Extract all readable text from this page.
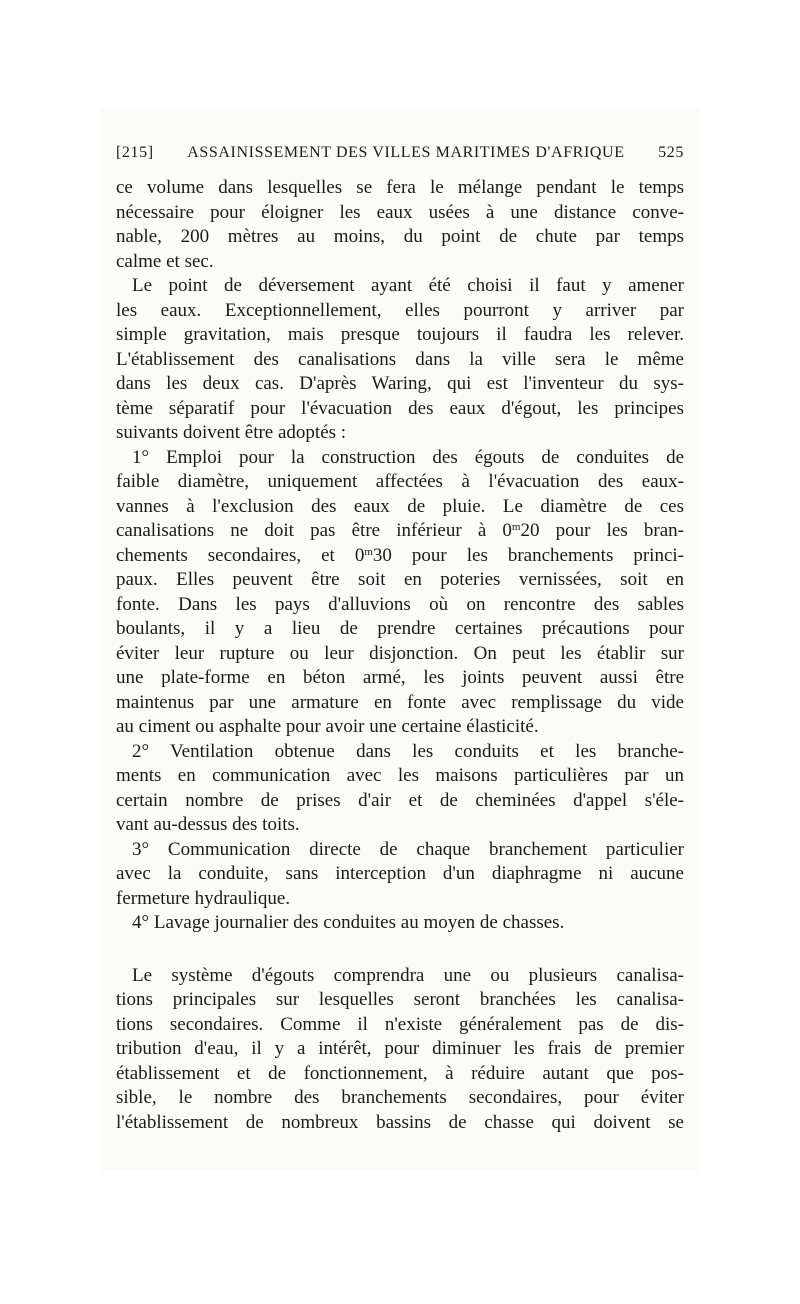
[215] ASSAINISSEMENT DES VILLES MARITIMES D'AFRIQUE 525
ce volume dans lesquelles se fera le mélange pendant le temps
nécessaire pour éloigner les eaux usées à une distance conve-
nable, 200 mètres au moins, du point de chute par temps
calme et sec.
Le point de déversement ayant été choisi il faut y amener
les eaux. Exceptionnellement, elles pourront y arriver par
simple gravitation, mais presque toujours il faudra les relever.
L'établissement des canalisations dans la ville sera le même
dans les deux cas. D'après Waring, qui est l'inventeur du sys-
tème séparatif pour l'évacuation des eaux d'égout, les principes
suivants doivent être adoptés :
1° Emploi pour la construction des égouts de conduites de
faible diamètre, uniquement affectées à l'évacuation des eaux-
vannes à l'exclusion des eaux de pluie. Le diamètre de ces
canalisations ne doit pas être inférieur à 0$^m$20 pour les bran-
chements secondaires, et 0$^m$30 pour les branchements princi-
paux. Elles peuvent être soit en poteries vernissées, soit en
fonte. Dans les pays d'alluvions où on rencontre des sables
boulants, il y a lieu de prendre certaines précautions pour
éviter leur rupture ou leur disjonction. On peut les établir sur
une plate-forme en béton armé, les joints peuvent aussi être
maintenus par une armature en fonte avec remplissage du vide
au ciment ou asphalte pour avoir une certaine élasticité.
2° Ventilation obtenue dans les conduits et les branche-
ments en communication avec les maisons particulières par un
certain nombre de prises d'air et de cheminées d'appel s'éle-
vant au-dessus des toits.
3° Communication directe de chaque branchement particulier
avec la conduite, sans interception d'un diaphragme ni aucune
fermeture hydraulique.
4° Lavage journalier des conduites au moyen de chasses.
Le système d'égouts comprendra une ou plusieurs canalisa-
tions principales sur lesquelles seront branchées les canalisa-
tions secondaires. Comme il n'existe généralement pas de dis-
tribution d'eau, il y a intérêt, pour diminuer les frais de premier
établissement et de fonctionnement, à réduire autant que pos-
sible, le nombre des branchements secondaires, pour éviter
l'établissement de nombreux bassins de chasse qui doivent se
